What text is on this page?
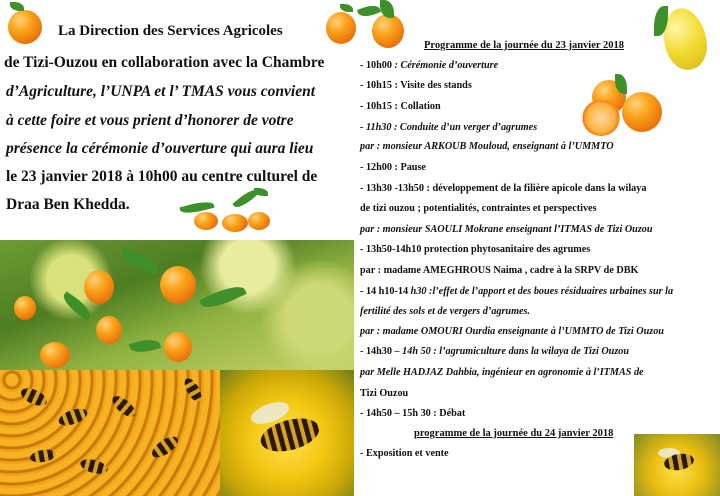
La Direction des Services Agricoles
de Tizi-Ouzou en collaboration avec la Chambre
d’Agriculture, l’UNPA et l’ TMAS vous convient
à cette foire et vous prient d’honorer de votre
présence la cérémonie d’ouverture qui aura lieu
le 23 janvier 2018 à 10h00 au centre culturel de
Draa Ben Khedda.
Programme de la journée du 23 janvier 2018
- 10h00 : Cérémonie d’ouverture
- 10h15 : Visite des stands
- 10h15 : Collation
- 11h30 : Conduite d’un verger d’agrumes
par : monsieur ARKOUB Mouloud, enseignant à l’UMMTO
- 12h00 : Pause
- 13h30 -13h50 : développement de la filière apicole dans la wilaya
de tizi ouzou ; potentialités, contraintes et perspectives
par : monsieur SAOULI Mokrane enseignant l’ITMAS de Tizi Ouzou
- 13h50-14h10 protection phytosanitaire des agrumes
par : madame AMEGHROUS Naima , cadre à la SRPV de DBK
- 14 h10-14 h30 :l’effet de l’apport et des boues résiduaires urbaines sur la
fertilité des sols et de vergers d’agrumes.
par : madame OMOURI Ourdia enseignante à l’UMMTO de Tizi Ouzou
- 14h30 – 14h 50 : l’agrumiculture dans la wilaya de Tizi Ouzou
par Melle HADJAZ Dahbia, ingénieur en agronomie à l’ITMAS de
Tizi Ouzou
- 14h50 – 15h 30 : Débat
programme de la journée du 24 janvier 2018
- Exposition et vente
